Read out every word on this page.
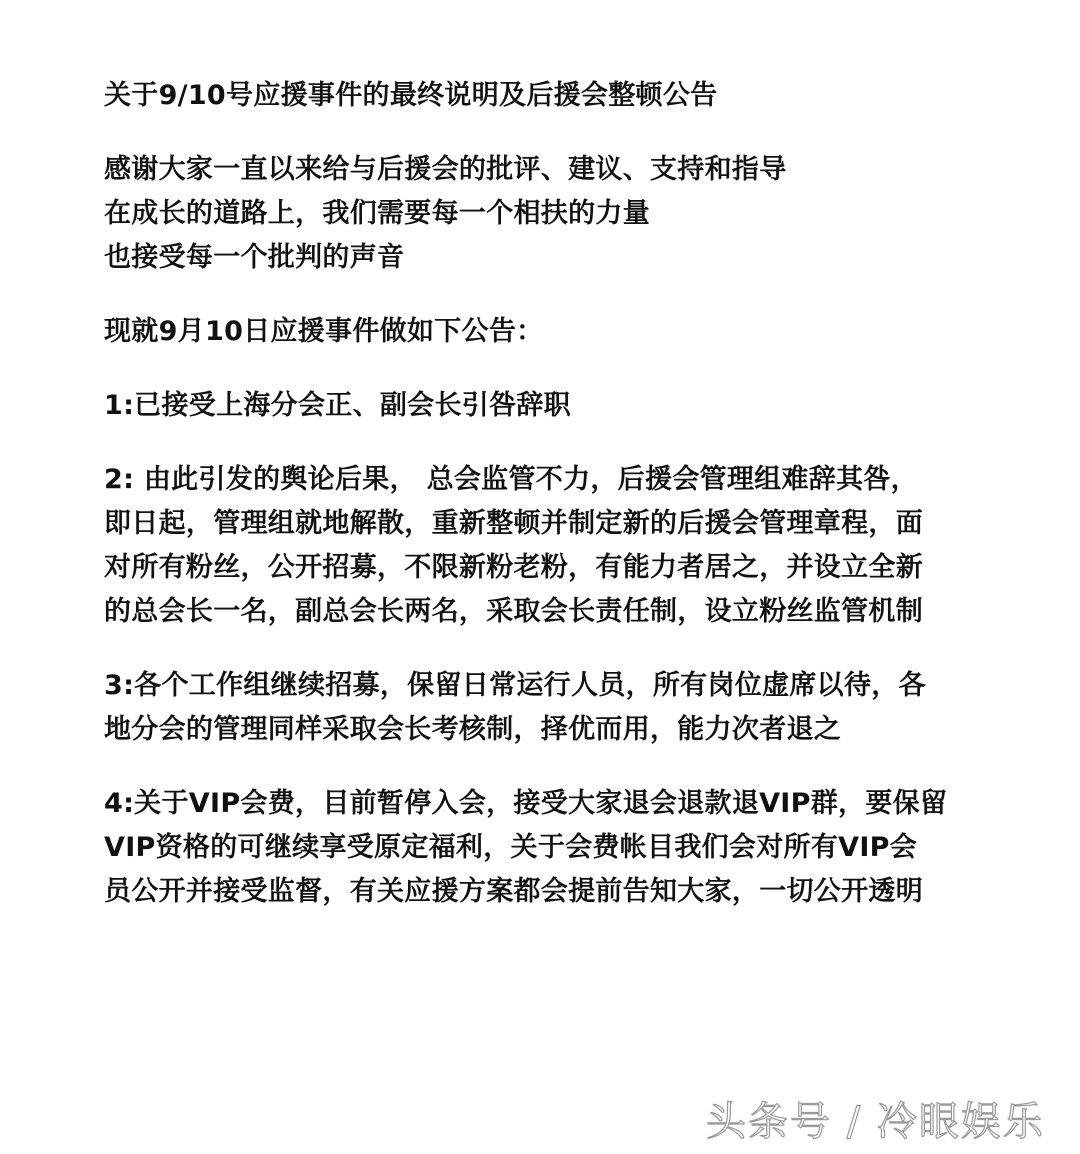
关于9/10号应援事件的最终说明及后援会整顿公告
感谢大家一直以来给与后援会的批评、建议、支持和指导
在成长的道路上，我们需要每一个相扶的力量
也接受每一个批判的声音
现就9月10日应援事件做如下公告：
1:已接受上海分会正、副会长引咎辞职
2: 由此引发的舆论后果， 总会监管不力，后援会管理组难辞其咎，
即日起，管理组就地解散，重新整顿并制定新的后援会管理章程，面
对所有粉丝，公开招募，不限新粉老粉，有能力者居之，并设立全新
的总会长一名，副总会长两名，采取会长责任制，设立粉丝监管机制
3:各个工作组继续招募，保留日常运行人员，所有岗位虚席以待，各
地分会的管理同样采取会长考核制，择优而用，能力次者退之
4:关于VIP会费，目前暂停入会，接受大家退会退款退VIP群，要保留
VIP资格的可继续享受原定福利，关于会费帐目我们会对所有VIP会
员公开并接受监督，有关应援方案都会提前告知大家，一切公开透明
头条号 / 冷眼娱乐
